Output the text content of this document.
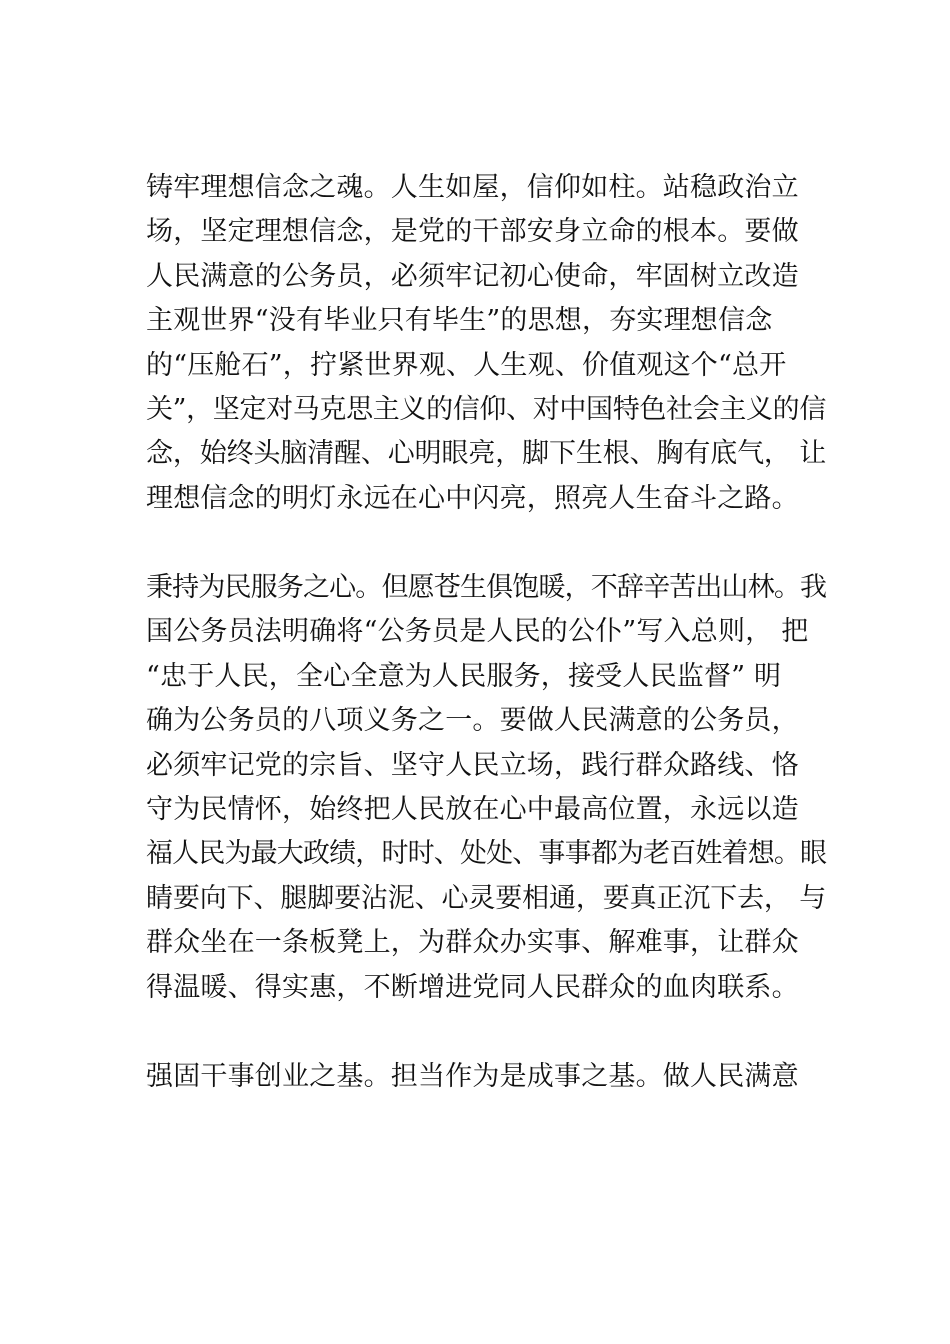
铸牢理想信念之魂。人生如屋，信仰如柱。站稳政治立
场，坚定理想信念，是党的干部安身立命的根本。要做
人民满意的公务员，必须牢记初心使命，牢固树立改造
主观世界“没有毕业只有毕生”的思想，夯实理想信念
的“压舱石”，拧紧世界观、人生观、价值观这个“总开
关”，坚定对马克思主义的信仰、对中国特色社会主义的信
念，始终头脑清醒、心明眼亮，脚下生根、胸有底气， 让
理想信念的明灯永远在心中闪亮，照亮人生奋斗之路。
秉持为民服务之心。但愿苍生俱饱暖，不辞辛苦出山林。我
国公务员法明确将“公务员是人民的公仆”写入总则， 把
“忠于人民，全心全意为人民服务，接受人民监督” 明
确为公务员的八项义务之一。要做人民满意的公务员，
必须牢记党的宗旨、坚守人民立场，践行群众路线、恪
守为民情怀，始终把人民放在心中最高位置，永远以造
福人民为最大政绩，时时、处处、事事都为老百姓着想。眼
睛要向下、腿脚要沾泥、心灵要相通，要真正沉下去， 与
群众坐在一条板凳上，为群众办实事、解难事，让群众
得温暖、得实惠，不断增进党同人民群众的血肉联系。
强固干事创业之基。担当作为是成事之基。做人民满意
